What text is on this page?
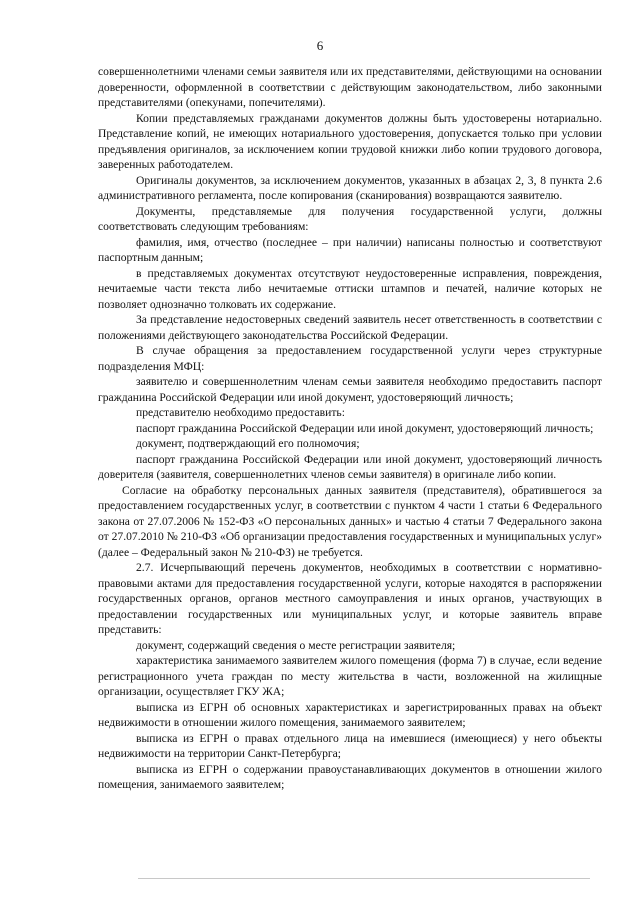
6

совершеннолетними членами семьи заявителя или их представителями, действующими на основании доверенности, оформленной в соответствии с действующим законодательством, либо законными представителями (опекунами, попечителями).

Копии представляемых гражданами документов должны быть удостоверены нотариально. Представление копий, не имеющих нотариального удостоверения, допускается только при условии предъявления оригиналов, за исключением копии трудовой книжки либо копии трудового договора, заверенных работодателем.

Оригиналы документов, за исключением документов, указанных в абзацах 2, 3, 8 пункта 2.6 административного регламента, после копирования (сканирования) возвращаются заявителю.

Документы, представляемые для получения государственной услуги, должны соответствовать следующим требованиям:

фамилия, имя, отчество (последнее – при наличии) написаны полностью и соответствуют паспортным данным;

в представляемых документах отсутствуют неудостоверенные исправления, повреждения, нечитаемые части текста либо нечитаемые оттиски штампов и печатей, наличие которых не позволяет однозначно толковать их содержание.

За представление недостоверных сведений заявитель несет ответственность в соответствии с положениями действующего законодательства Российской Федерации.

В случае обращения за предоставлением государственной услуги через структурные подразделения МФЦ:

заявителю и совершеннолетним членам семьи заявителя необходимо предоставить паспорт гражданина Российской Федерации или иной документ, удостоверяющий личность;

представителю необходимо предоставить:

паспорт гражданина Российской Федерации или иной документ, удостоверяющий личность;

документ, подтверждающий его полномочия;

паспорт гражданина Российской Федерации или иной документ, удостоверяющий личность доверителя (заявителя, совершеннолетних членов семьи заявителя) в оригинале либо копии.

Согласие на обработку персональных данных заявителя (представителя), обратившегося за предоставлением государственных услуг, в соответствии с пунктом 4 части 1 статьи 6 Федерального закона от 27.07.2006 № 152-ФЗ «О персональных данных» и частью 4 статьи 7 Федерального закона от 27.07.2010 № 210-ФЗ «Об организации предоставления государственных и муниципальных услуг» (далее – Федеральный закон № 210-ФЗ) не требуется.

2.7. Исчерпывающий перечень документов, необходимых в соответствии с нормативно-правовыми актами для предоставления государственной услуги, которые находятся в распоряжении государственных органов, органов местного самоуправления и иных органов, участвующих в предоставлении государственных или муниципальных услуг, и которые заявитель вправе представить:

документ, содержащий сведения о месте регистрации заявителя;

характеристика занимаемого заявителем жилого помещения (форма 7) в случае, если ведение регистрационного учета граждан по месту жительства в части, возложенной на жилищные организации, осуществляет ГКУ ЖА;

выписка из ЕГРН об основных характеристиках и зарегистрированных правах на объект недвижимости в отношении жилого помещения, занимаемого заявителем;

выписка из ЕГРН о правах отдельного лица на имевшиеся (имеющиеся) у него объекты недвижимости на территории Санкт-Петербурга;

выписка из ЕГРН о содержании правоустанавливающих документов в отношении жилого помещения, занимаемого заявителем;
